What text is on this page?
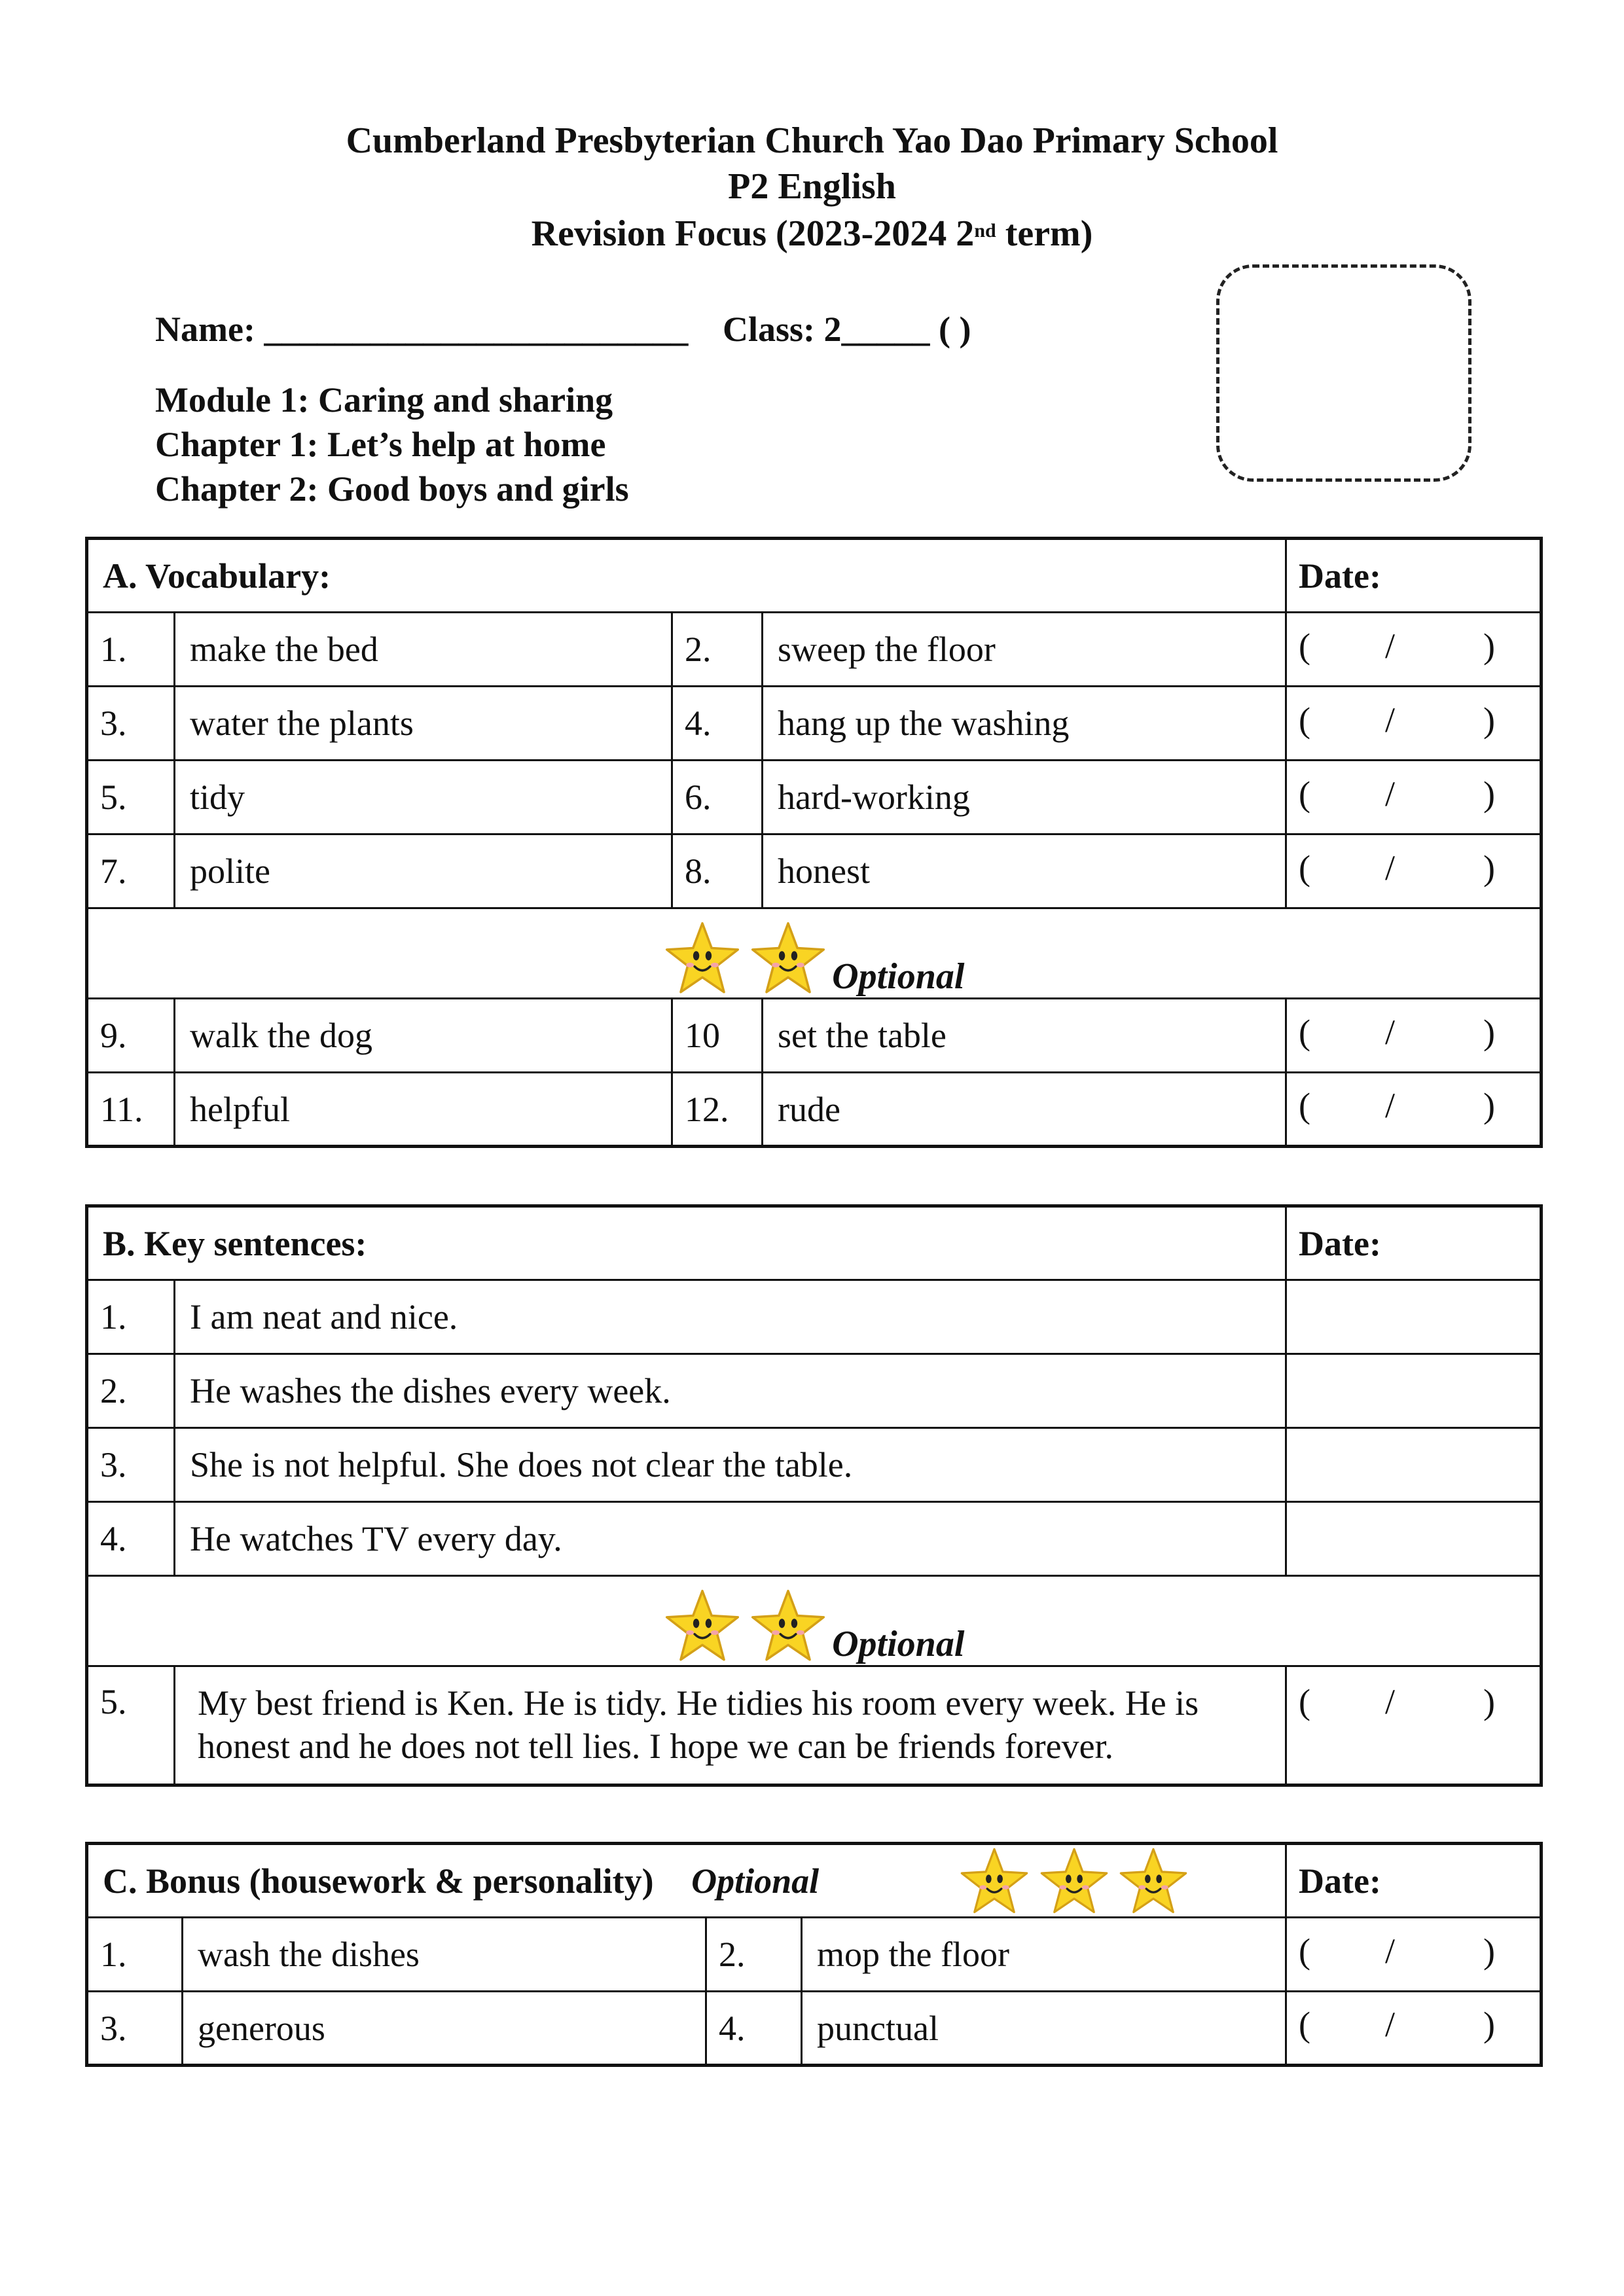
Cumberland Presbyterian Church Yao Dao Primary School
P2 English
Revision Focus (2023-2024 2nd term)
Name: ________________________ Class: 2_____ ( )
Module 1: Caring and sharing
Chapter 1: Let’s help at home
Chapter 2: Good boys and girls
A. Vocabulary:				Date:
1.	make the bed	2.	sweep the floor	( / )

3.	water the plants	4.	hang up the washing	( / )

5.	tidy	6.	hard-working	( / )

7.	polite	8.	honest	( / )

Optional				
9.	walk the dog	10	set the table	( / )

11.	helpful	12.	rude	( / )
B. Key sentences:		Date:
1.	I am neat and nice.	
2.	He washes the dishes every week.	
3.	She is not helpful. She does not clear the table.	
4.	He watches TV every day.	
Optional		
5.	My best friend is Ken. He is tidy. He tidies his room every week. He is honest and he does not tell lies. I hope we can be friends forever.	( / )
C. Bonus (housework & personality) Optional				Date:
1.	wash the dishes	2.	mop the floor	( / )

3.	generous	4.	punctual	( / )
